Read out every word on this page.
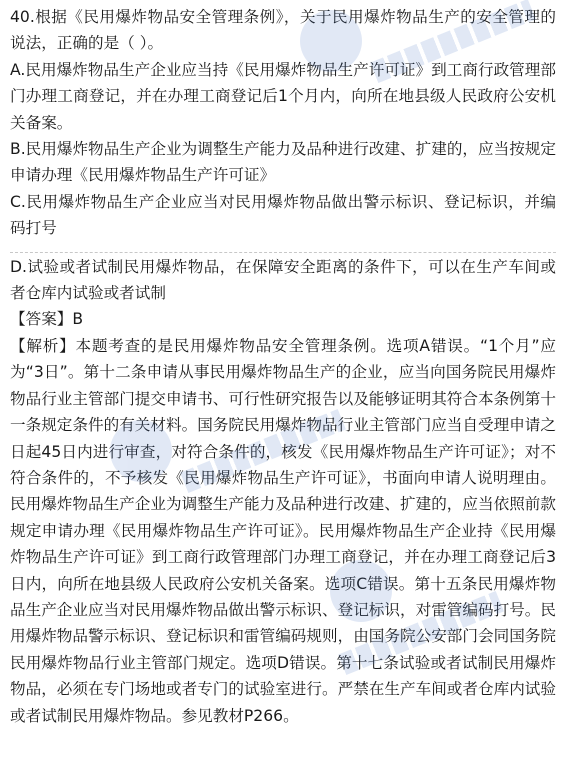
40.根据《民用爆炸物品安全管理条例》，关于民用爆炸物品生产的安全管理的说法，正确的是（ ）。

A.民用爆炸物品生产企业应当持《民用爆炸物品生产许可证》到工商行政管理部门办理工商登记，并在办理工商登记后1个月内，向所在地县级人民政府公安机关备案。

B.民用爆炸物品生产企业为调整生产能力及品种进行改建、扩建的，应当按规定申请办理《民用爆炸物品生产许可证》

C.民用爆炸物品生产企业应当对民用爆炸物品做出警示标识、登记标识，并编码打号

D.试验或者试制民用爆炸物品，在保障安全距离的条件下，可以在生产车间或者仓库内试验或者试制

【答案】B

【解析】本题考查的是民用爆炸物品安全管理条例。选项A错误。“1个月”应为“3日”。第十二条申请从事民用爆炸物品生产的企业，应当向国务院民用爆炸物品行业主管部门提交申请书、可行性研究报告以及能够证明其符合本条例第十一条规定条件的有关材料。国务院民用爆炸物品行业主管部门应当自受理申请之日起45日内进行审查，对符合条件的，核发《民用爆炸物品生产许可证》；对不符合条件的，不予核发《民用爆炸物品生产许可证》，书面向申请人说明理由。民用爆炸物品生产企业为调整生产能力及品种进行改建、扩建的，应当依照前款规定申请办理《民用爆炸物品生产许可证》。民用爆炸物品生产企业持《民用爆炸物品生产许可证》到工商行政管理部门办理工商登记，并在办理工商登记后3日内，向所在地县级人民政府公安机关备案。选项C错误。第十五条民用爆炸物品生产企业应当对民用爆炸物品做出警示标识、登记标识，对雷管编码打号。民用爆炸物品警示标识、登记标识和雷管编码规则，由国务院公安部门会同国务院民用爆炸物品行业主管部门规定。选项D错误。第十七条试验或者试制民用爆炸物品，必须在专门场地或者专门的试验室进行。严禁在生产车间或者仓库内试验或者试制民用爆炸物品。参见教材P266。
